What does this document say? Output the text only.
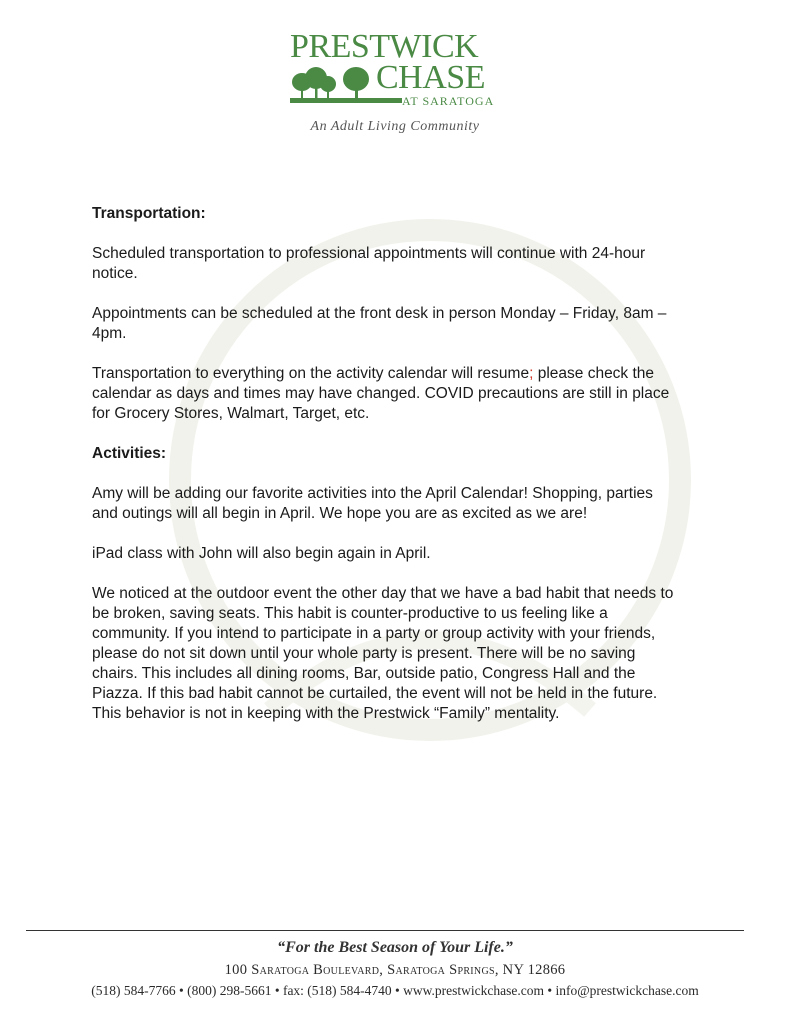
PRESTWICK
CHASE
AT SARATOGA
An Adult Living Community
Transportation:

Scheduled transportation to professional appointments will continue with 24-hour notice.

Appointments can be scheduled at the front desk in person Monday – Friday, 8am – 4pm.

Transportation to everything on the activity calendar will resume; please check the calendar as days and times may have changed. COVID precautions are still in place for Grocery Stores, Walmart, Target, etc.

Activities:

Amy will be adding our favorite activities into the April Calendar! Shopping, parties and outings will all begin in April. We hope you are as excited as we are!

iPad class with John will also begin again in April.

We noticed at the outdoor event the other day that we have a bad habit that needs to be broken, saving seats. This habit is counter-productive to us feeling like a community. If you intend to participate in a party or group activity with your friends, please do not sit down until your whole party is present. There will be no saving chairs. This includes all dining rooms, Bar, outside patio, Congress Hall and the Piazza. If this bad habit cannot be curtailed, the event will not be held in the future. This behavior is not in keeping with the Prestwick “Family” mentality.

“For the Best Season of Your Life.”
100 Saratoga Boulevard, Saratoga Springs, NY 12866
(518) 584-7766 • (800) 298-5661 • fax: (518) 584-4740 • www.prestwickchase.com • info@prestwickchase.com
